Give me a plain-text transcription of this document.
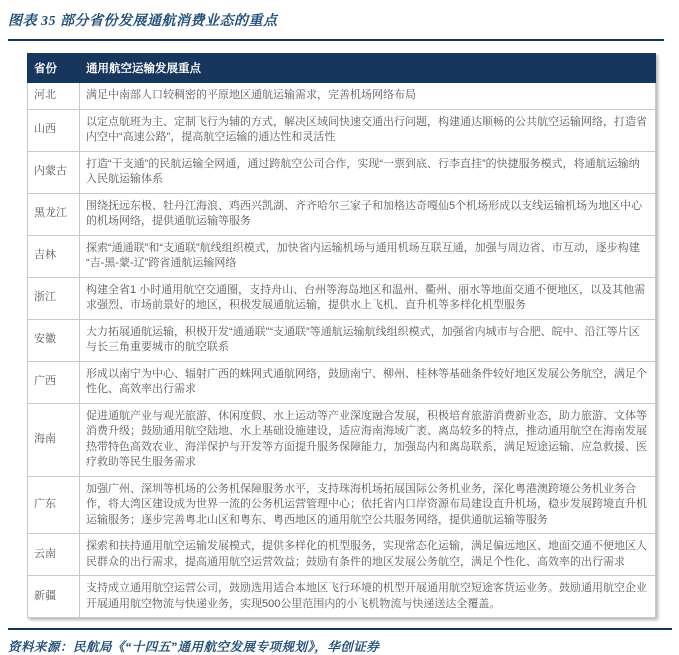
图表 35 部分省份发展通航消费业态的重点
省份	通用航空运输发展重点
河北	满足中南部人口较稠密的平原地区通航运输需求，完善机场网络布局
山西	以定点航班为主、定制飞行为辅的方式，解决区域间快速交通出行问题，构建通达顺畅的公共航空运输网络，打造省内空中“高速公路”，提高航空运输的通达性和灵活性
内蒙古	打造“干支通”的民航运输全网通，通过跨航空公司合作，实现“一票到底、行李直挂”的快捷服务模式，将通航运输纳入民航运输体系
黑龙江	围绕抚远东极、牡丹江海浪、鸡西兴凯湖、齐齐哈尔三家子和加格达奇嘎仙5个机场形成以支线运输机场为地区中心的机场网络，提供通航运输等服务
吉林	探索“通通联”和“支通联”航线组织模式，加快省内运输机场与通用机场互联互通，加强与周边省、市互动，逐步构建“吉-黑-蒙-辽”跨省通航运输网络
浙江	构建全省1 小时通用航空交通圈，支持舟山、台州等海岛地区和温州、衢州、丽水等地面交通不便地区，以及其他需求强烈、市场前景好的地区，积极发展通航运输，提供水上飞机、直升机等多样化机型服务
安徽	大力拓展通航运输，积极开发“通通联”“支通联”等通航运输航线组织模式，加强省内城市与合肥、皖中、沿江等片区与长三角重要城市的航空联系
广西	形成以南宁为中心、辐射广西的蛛网式通航网络，鼓励南宁、柳州、桂林等基础条件较好地区发展公务航空，满足个性化、高效率出行需求
海南	促进通航产业与观光旅游、休闲度假、水上运动等产业深度融合发展，积极培育旅游消费新业态，助力旅游、文体等消费升级；鼓励通用航空陆地、水上基础设施建设，适应海南海域广袤、离岛较多的特点，推动通用航空在海南发展热带特色高效农业、海洋保护与开发等方面提升服务保障能力，加强岛内和离岛联系，满足短途运输、应急救援、医疗救助等民生服务需求
广东	加强广州、深圳等机场的公务机保障服务水平，支持珠海机场拓展国际公务机业务，深化粤港澳跨境公务机业务合作，将大湾区建设成为世界一流的公务机运营管理中心；依托省内口岸资源布局建设直升机场，稳步发展跨境直升机运输服务；逐步完善粤北山区和粤东、粤西地区的通用航空公共服务网络，提供通航运输等服务
云南	探索和扶持通用航空运输发展模式，提供多样化的机型服务，实现常态化运输，满足偏远地区、地面交通不便地区人民群众的出行需求，提高通用航空运营效益；鼓励有条件的地区发展公务航空，满足个性化、高效率的出行需求
新疆	支持成立通用航空运营公司，鼓励选用适合本地区飞行环境的机型开展通用航空短途客货运业务。鼓励通用航空企业开展通用航空物流与快递业务，实现500公里范围内的小飞机物流与快递送达全覆盖。
资料来源：民航局《“十四五”通用航空发展专项规划》，华创证券
